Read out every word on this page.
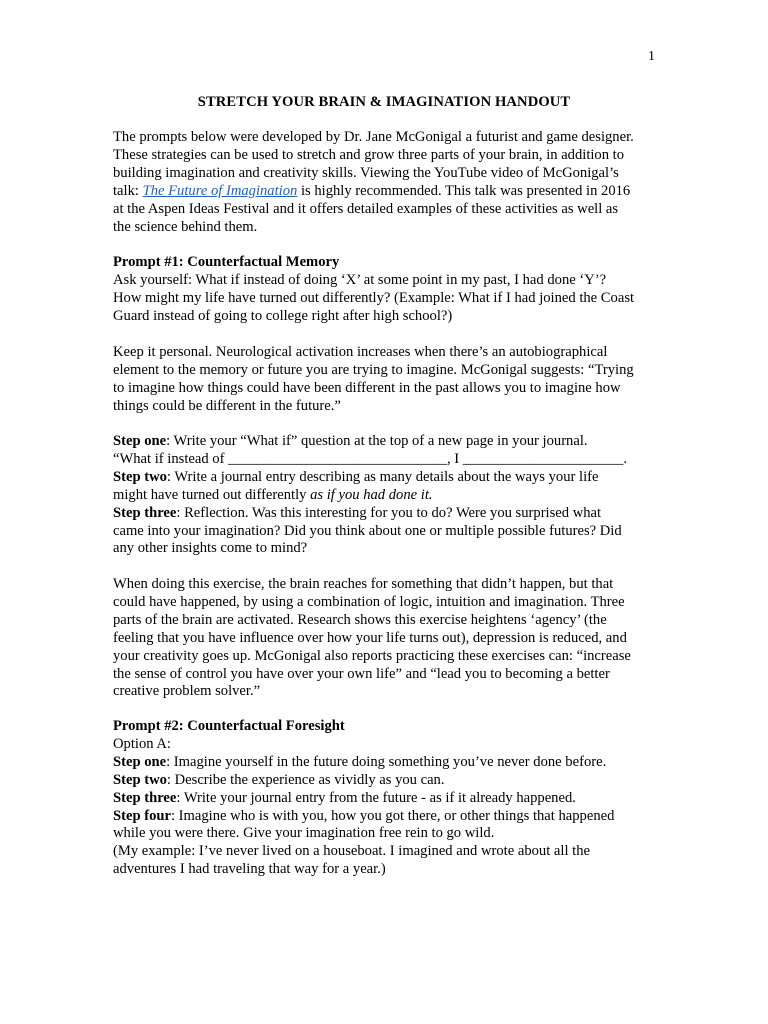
1
STRETCH YOUR BRAIN & IMAGINATION HANDOUT
The prompts below were developed by Dr. Jane McGonigal a futurist and game designer.
These strategies can be used to stretch and grow three parts of your brain, in addition to
building imagination and creativity skills. Viewing the YouTube video of McGonigal’s
talk: The Future of Imagination is highly recommended. This talk was presented in 2016
at the Aspen Ideas Festival and it offers detailed examples of these activities as well as
the science behind them.
Prompt #1: Counterfactual Memory
Ask yourself: What if instead of doing ‘X’ at some point in my past, I had done ‘Y’?
How might my life have turned out differently? (Example: What if I had joined the Coast
Guard instead of going to college right after high school?)
Keep it personal. Neurological activation increases when there’s an autobiographical
element to the memory or future you are trying to imagine. McGonigal suggests: “Trying
to imagine how things could have been different in the past allows you to imagine how
things could be different in the future.”
Step one: Write your “What if” question at the top of a new page in your journal.
“What if instead of ______________________________, I ______________________.
Step two: Write a journal entry describing as many details about the ways your life
might have turned out differently as if you had done it.
Step three: Reflection. Was this interesting for you to do? Were you surprised what
came into your imagination? Did you think about one or multiple possible futures? Did
any other insights come to mind?
When doing this exercise, the brain reaches for something that didn’t happen, but that
could have happened, by using a combination of logic, intuition and imagination. Three
parts of the brain are activated. Research shows this exercise heightens ‘agency’ (the
feeling that you have influence over how your life turns out), depression is reduced, and
your creativity goes up. McGonigal also reports practicing these exercises can: “increase
the sense of control you have over your own life” and “lead you to becoming a better
creative problem solver.”
Prompt #2: Counterfactual Foresight
Option A:
Step one: Imagine yourself in the future doing something you’ve never done before.
Step two: Describe the experience as vividly as you can.
Step three: Write your journal entry from the future - as if it already happened.
Step four: Imagine who is with you, how you got there, or other things that happened
while you were there. Give your imagination free rein to go wild.
(My example: I’ve never lived on a houseboat. I imagined and wrote about all the
adventures I had traveling that way for a year.)
